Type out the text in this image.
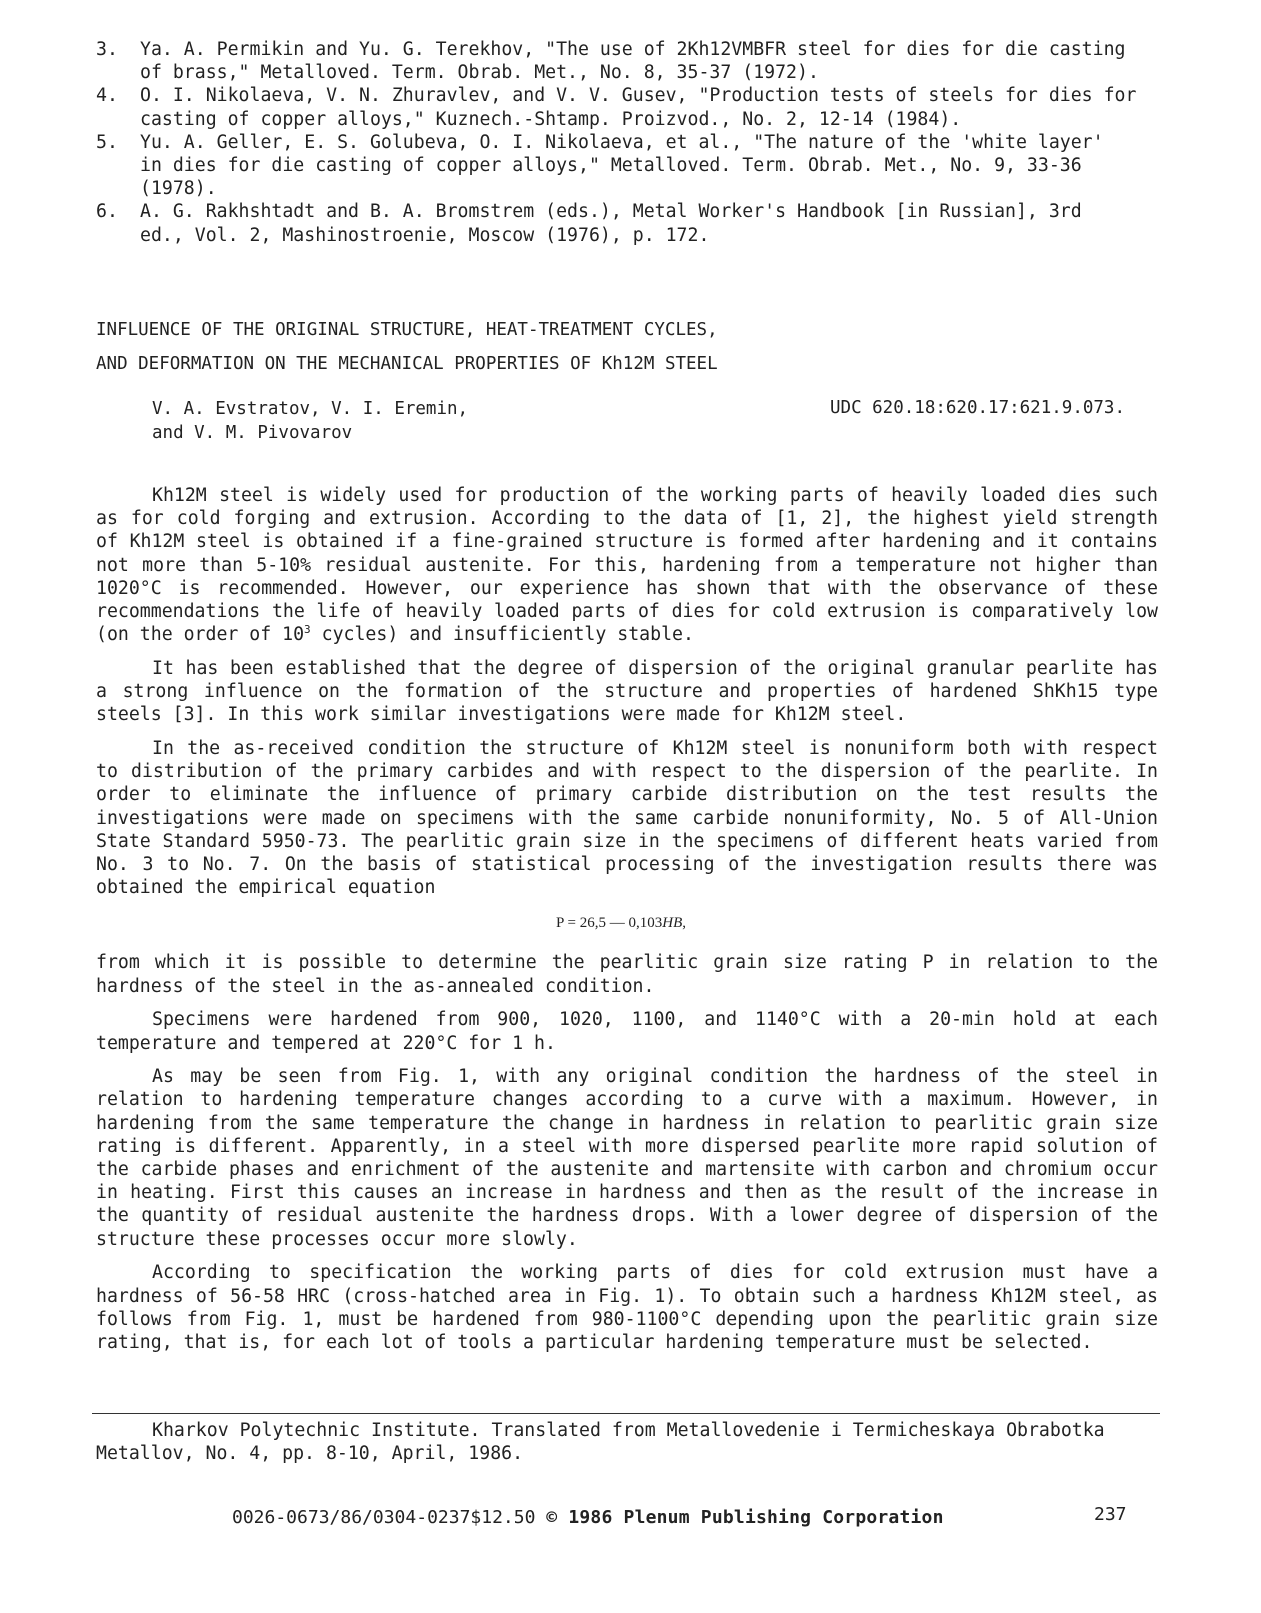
3. Ya. A. Permikin and Yu. G. Terekhov, "The use of 2Kh12VMBFR steel for dies for die casting
of brass," Metalloved. Term. Obrab. Met., No. 8, 35-37 (1972).
4. O. I. Nikolaeva, V. N. Zhuravlev, and V. V. Gusev, "Production tests of steels for dies for
casting of copper alloys," Kuznech.-Shtamp. Proizvod., No. 2, 12-14 (1984).
5. Yu. A. Geller, E. S. Golubeva, O. I. Nikolaeva, et al., "The nature of the 'white layer'
in dies for die casting of copper alloys," Metalloved. Term. Obrab. Met., No. 9, 33-36
(1978).
6. A. G. Rakhshtadt and B. A. Bromstrem (eds.), Metal Worker's Handbook [in Russian], 3rd
ed., Vol. 2, Mashinostroenie, Moscow (1976), p. 172.
INFLUENCE OF THE ORIGINAL STRUCTURE, HEAT-TREATMENT CYCLES,
AND DEFORMATION ON THE MECHANICAL PROPERTIES OF Kh12M STEEL
V. A. Evstratov, V. I. Eremin,
and V. M. Pivovarov
UDC 620.18:620.17:621.9.073.

Kh12M steel is widely used for production of the working parts of heavily loaded dies such as for cold forging and extrusion. According to the data of [1, 2], the highest yield strength of Kh12M steel is obtained if a fine-grained structure is formed after hardening and it contains not more than 5-10% residual austenite. For this, hardening from a temperature not higher than 1020°C is recommended. However, our experience has shown that with the observance of these recommendations the life of heavily loaded parts of dies for cold extrusion is comparatively low (on the order of $10^3$ cycles) and insufficiently stable.

It has been established that the degree of dispersion of the original granular pearlite has a strong influence on the formation of the structure and properties of hardened ShKh15 type steels [3]. In this work similar investigations were made for Kh12M steel.

In the as-received condition the structure of Kh12M steel is nonuniform both with respect to distribution of the primary carbides and with respect to the dispersion of the pearlite. In order to eliminate the influence of primary carbide distribution on the test results the investigations were made on specimens with the same carbide nonuniformity, No. 5 of All-Union State Standard 5950-73. The pearlitic grain size in the specimens of different heats varied from No. 3 to No. 7. On the basis of statistical processing of the investigation results there was obtained the empirical equation

P = 26,5 — 0,103HB,

from which it is possible to determine the pearlitic grain size rating P in relation to the hardness of the steel in the as-annealed condition.

Specimens were hardened from 900, 1020, 1100, and 1140°C with a 20-min hold at each temperature and tempered at 220°C for 1 h.

As may be seen from Fig. 1, with any original condition the hardness of the steel in relation to hardening temperature changes according to a curve with a maximum. However, in hardening from the same temperature the change in hardness in relation to pearlitic grain size rating is different. Apparently, in a steel with more dispersed pearlite more rapid solution of the carbide phases and enrichment of the austenite and martensite with carbon and chromium occur in heating. First this causes an increase in hardness and then as the result of the increase in the quantity of residual austenite the hardness drops. With a lower degree of dispersion of the structure these processes occur more slowly.

According to specification the working parts of dies for cold extrusion must have a hardness of 56-58 HRC (cross-hatched area in Fig. 1). To obtain such a hardness Kh12M steel, as follows from Fig. 1, must be hardened from 980-1100°C depending upon the pearlitic grain size rating, that is, for each lot of tools a particular hardening temperature must be selected.

Kharkov Polytechnic Institute. Translated from Metallovedenie i Termicheskaya Obrabotka
Metallov, No. 4, pp. 8-10, April, 1986.
0026-0673/86/0304-0237$12.50 © 1986 Plenum Publishing Corporation	237
